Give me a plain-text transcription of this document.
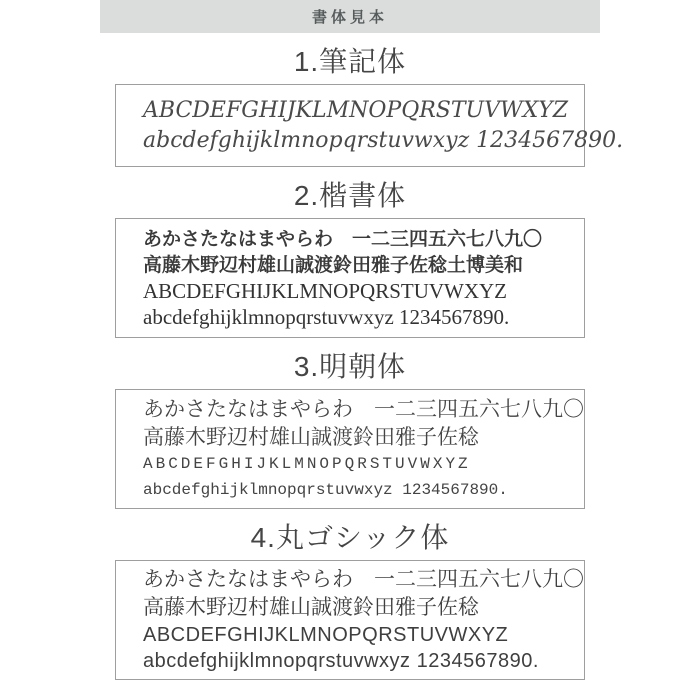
書体見本
1.筆記体
ABCDEFGHIJKLMNOPQRSTUVWXYZ
abcdefghijklmnopqrstuvwxyz 1234567890.
2.楷書体
あかさたなはまやらわ　一二三四五六七八九〇
高藤木野辺村雄山誠渡鈴田雅子佐稔土博美和
ABCDEFGHIJKLMNOPQRSTUVWXYZ
abcdefghijklmnopqrstuvwxyz 1234567890.
3.明朝体
あかさたなはまやらわ　一二三四五六七八九〇
高藤木野辺村雄山誠渡鈴田雅子佐稔
ABCDEFGHIJKLMNOPQRSTUVWXYZ
abcdefghijklmnopqrstuvwxyz 1234567890.
4.丸ゴシック体
あかさたなはまやらわ　一二三四五六七八九〇
高藤木野辺村雄山誠渡鈴田雅子佐稔
ABCDEFGHIJKLMNOPQRSTUVWXYZ
abcdefghijklmnopqrstuvwxyz 1234567890.
